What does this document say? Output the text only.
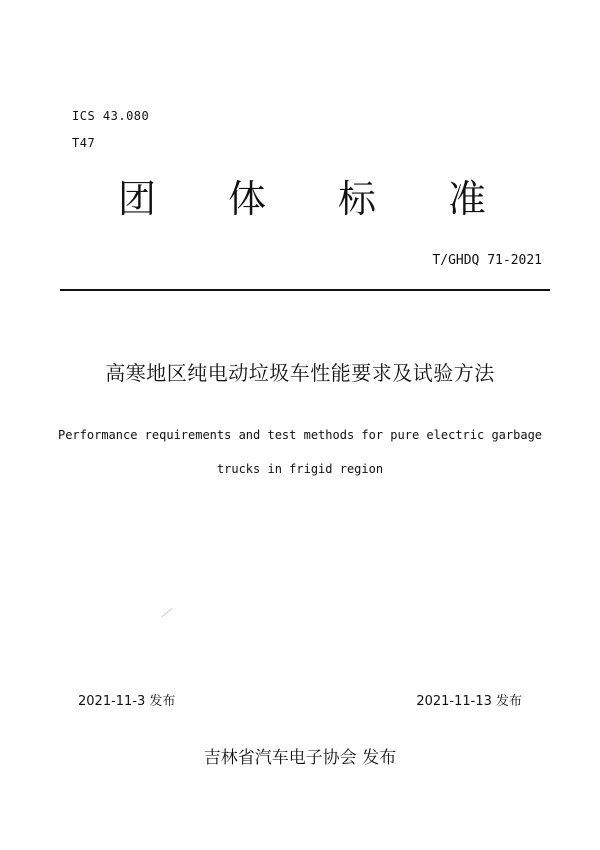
ICS 43.080
T47
团 体 标 准
T/GHDQ 71-2021
高寒地区纯电动垃圾车性能要求及试验方法
Performance requirements and test methods for pure electric garbage
trucks in frigid region
2021-11-3 发布	2021-11-13 发布
吉林省汽车电子协会 发布
